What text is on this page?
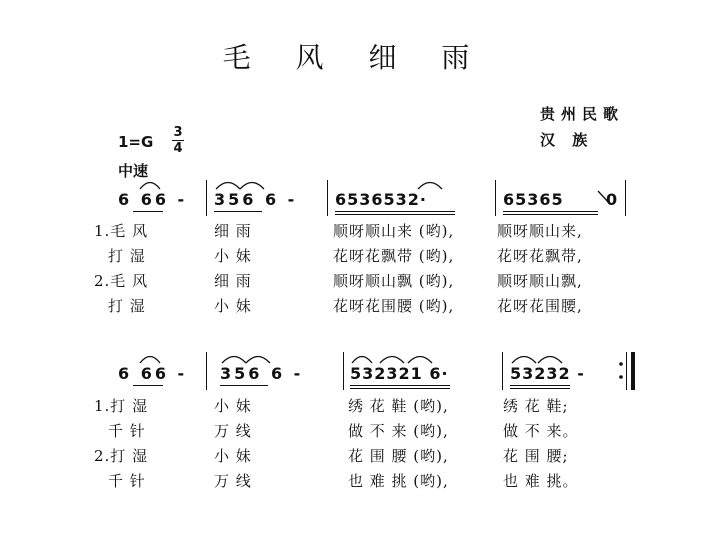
毛 风 细 雨
贵州民歌
汉 族
1=G
3
4
中速
6 66 - 356 6 - 6536532·	65365	0
1.毛 风	细 雨	顺呀顺山来 (哟),	顺呀顺山来,
打 湿	小 妹	花呀花飘带 (哟),	花呀花飘带,
2.毛 风	细 雨	顺呀顺山飘 (哟),	顺呀顺山飘,
打 湿	小 妹	花呀花围腰 (哟),	花呀花围腰,
6 66 - 356 6 -	532321 6·	53232 -
1.打 湿	小 妹	绣 花 鞋 (哟),	绣 花 鞋;
千 针	万 线	做 不 来 (哟),	做 不 来。
2.打 湿	小 妹	花 围 腰 (哟),	花 围 腰;
千 针	万 线	也 难 挑 (哟),	也 难 挑。
